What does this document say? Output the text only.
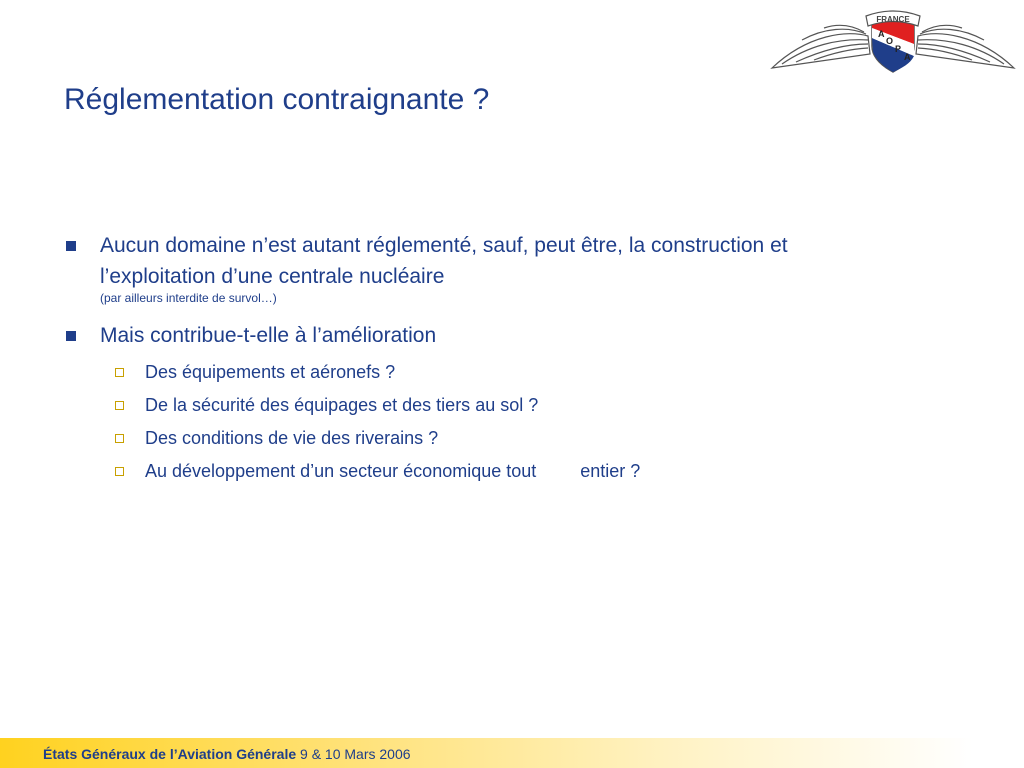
FRANCE
A
O
P
A
Réglementation contraignante ?
Aucun domaine n’est autant réglementé, sauf, peut être, la construction et
l’exploitation d’une centrale nucléaire
(par ailleurs interdite de survol…)
Mais contribue-t-elle à l’amélioration
Des équipements et aéronefs ?
De la sécurité des équipages et des tiers au sol ?
Des conditions de vie des riverains ?
Au développement d’un secteur économique tout entier ?
États Généraux de l’Aviation Générale 9 & 10 Mars 2006
